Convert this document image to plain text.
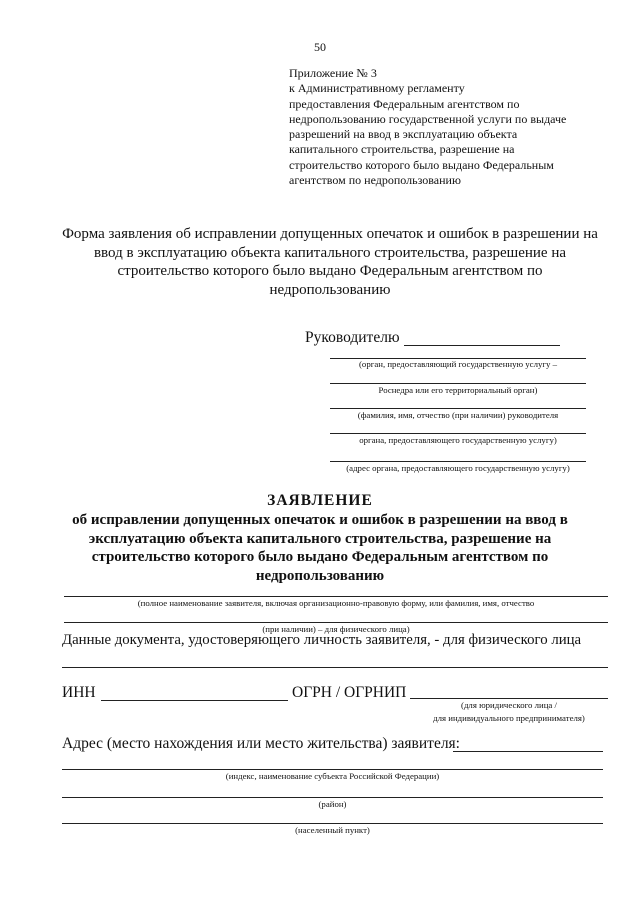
50
Приложение № 3
к Административному регламенту
предоставления Федеральным агентством по
недропользованию государственной услуги по выдаче
разрешений на ввод в эксплуатацию объекта
капитального строительства, разрешение на
строительство которого было выдано Федеральным
агентством по недропользованию
Форма заявления об исправлении допущенных опечаток и ошибок в разрешении на
ввод в эксплуатацию объекта капитального строительства, разрешение на
строительство которого было выдано Федеральным агентством по
недропользованию
Руководителю
(орган, предоставляющий государственную услугу –
Роснедра или его территориальный орган)
(фамилия, имя, отчество (при наличии) руководителя
органа, предоставляющего государственную услугу)
(адрес органа, предоставляющего государственную услугу)
ЗАЯВЛЕНИЕ
об исправлении допущенных опечаток и ошибок в разрешении на ввод в
эксплуатацию объекта капитального строительства, разрешение на
строительство которого было выдано Федеральным агентством по
недропользованию
(полное наименование заявителя, включая организационно-правовую форму, или фамилия, имя, отчество
(при наличии) – для физического лица)
Данные документа, удостоверяющего личность заявителя, - для физического лица
ИНН	ОГРН / ОГРНИП
(для юридического лица /
для индивидуального предпринимателя)
Адрес (место нахождения или место жительства) заявителя:
(индекс, наименование субъекта Российской Федерации)
(район)
(населенный пункт)
